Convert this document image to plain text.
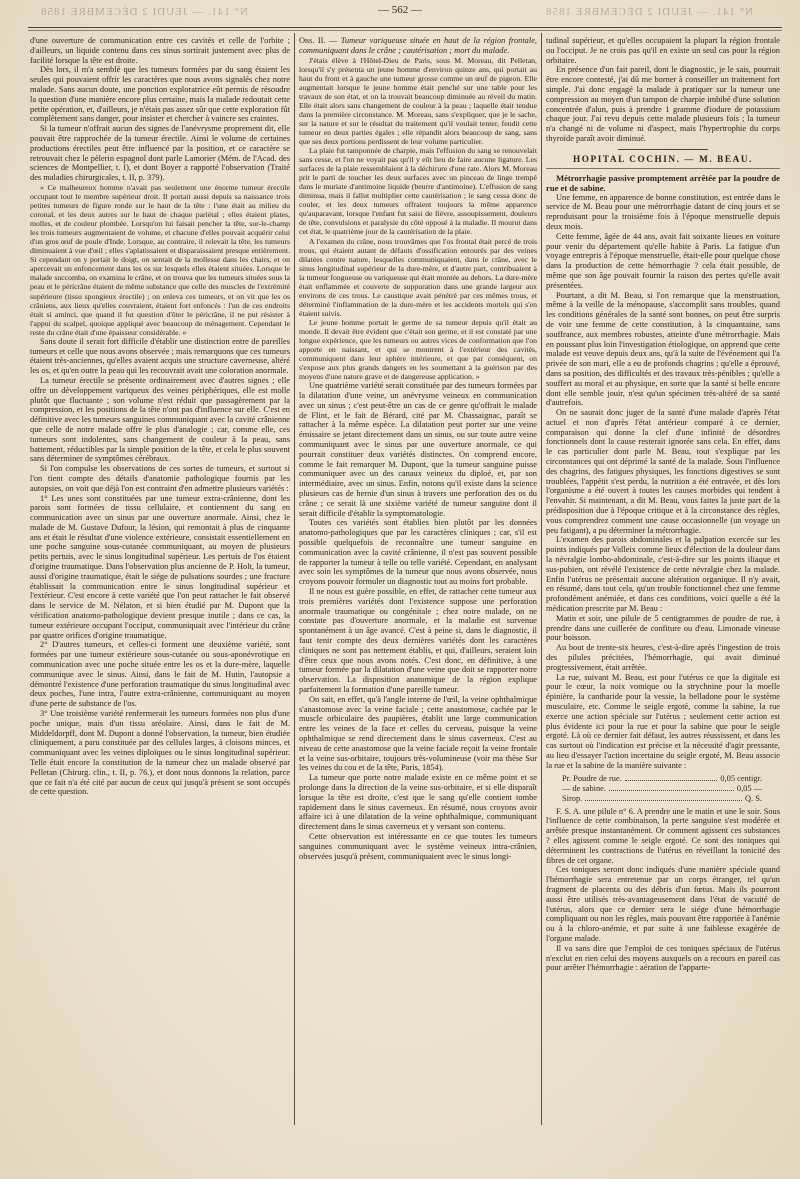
N° 141. — JEUDI 2 DÉCEMBRE 1858	N° 141. — JEUDI 2 DÉCEMBRE 1858
— 562 —

d'une ouverture de communication entre ces cavités et celle de l'orbite ; d'ailleurs, un liquide contenu dans ces sinus sortirait justement avec plus de facilité lorsque la tête est droite.

Dès lors, il m'a semblé que les tumeurs formées par du sang étaient les seules qui pouvaient offrir les caractères que nous avons signalés chez notre malade. Sans aucun doute, une ponction exploratrice eût permis de résoudre la question d'une manière encore plus certaine, mais la malade redoutait cette petite opération, et, d'ailleurs, je n'étais pas assez sûr que cette exploration fût complètement sans danger, pour insister et chercher à vaincre ses craintes.

Si la tumeur n'offrait aucun des signes de l'anévrysme proprement dit, elle pouvait être rapprochée de la tumeur érectile. Ainsi le volume de certaines productions érectiles peut être influencé par la position, et ce caractère se retrouvait chez le pèlerin espagnol dont parle Lamorier (Mém. de l'Acad. des sciences de Montpellier, t. I), et dont Boyer a rapporté l'observation (Traité des maladies chirurgicales, t. II, p. 379).

« Ce malheureux homme n'avait pas seulement une énorme tumeur érectile occupant tout le membre supérieur droit. Il portait aussi depuis sa naissance trois petites tumeurs de figure ronde sur le haut de la tête : l'une était au milieu du coronal, et les deux autres sur le haut de chaque pariétal ; elles étaient plates, molles, et de couleur plombée. Lorsqu'on lui faisait pencher la tête, sur-le-champ les trois tumeurs augmentaient de volume, et chacune d'elles pouvait acquérir celui d'un gros œuf de poule d'Inde. Lorsque, au contraire, il relevait la tête, les tumeurs diminuaient à vue d'œil ; elles s'aplatissaient et disparaissaient presque entièrement. Si cependant on y portait le doigt, on sentait de la mollesse dans les chairs, et on apercevait un enfoncement dans les os sur lesquels elles étaient situées. Lorsque le malade succomba, on examina le crâne, et on trouva que les tumeurs situées sous la peau et le péricrâne étaient de même substance que celle des muscles de l'extrémité supérieure (tissu spongieux érectile) ; on enleva ces tumeurs, et on vit que les os crâniens, aux lieux qu'elles couvraient, étaient fort enfoncés : l'un de ces endroits était si aminci, que quand il fut question d'ôter le péricrâne, il ne put résister à l'appui du scalpel, quoique appliqué avec beaucoup de ménagement. Cependant le reste du crâne était d'une épaisseur considérable. »

Sans doute il serait fort difficile d'établir une distinction entre de pareilles tumeurs et celle que nous avons observée ; mais remarquons que ces tumeurs étaient très-anciennes, qu'elles avaient acquis une structure caverneuse, altéré les os, et qu'en outre la peau qui les recouvrait avait une coloration anormale.

La tumeur érectile se présente ordinairement avec d'autres signes ; elle offre un développement variqueux des veines périphériques, elle est molle plutôt que fluctuante ; son volume n'est réduit que passagèrement par la compression, et les positions de la tête n'ont pas d'influence sur elle. C'est en définitive avec les tumeurs sanguines communiquant avec la cavité crânienne que celle de notre malade offre le plus d'analogie ; car, comme elle, ces tumeurs sont indolentes, sans changement de couleur à la peau, sans battement, réductibles par la simple position de la tête, et cela le plus souvent sans déterminer de symptômes cérébraux.

Si l'on compulse les observations de ces sortes de tumeurs, et surtout si l'on tient compte des détails d'anatomie pathologique fournis par les autopsies, on voit que déjà l'on est contraint d'en admettre plusieurs variétés :

1° Les unes sont constituées par une tumeur extra-crânienne, dont les parois sont formées de tissu cellulaire, et contiennent du sang en communication avec un sinus par une ouverture anormale. Ainsi, chez le malade de M. Gustave Dufour, la lésion, qui remontait à plus de cinquante ans et était le résultat d'une violence extérieure, consistait essentiellement en une poche sanguine sous-cutanée communiquant, au moyen de plusieurs petits pertuis, avec le sinus longitudinal supérieur. Les pertuis de l'os étaient d'origine traumatique. Dans l'observation plus ancienne de P. Holt, la tumeur, aussi d'origine traumatique, était le siége de pulsations sourdes ; une fracture établissait la communication entre le sinus longitudinal supérieur et l'extérieur. C'est encore à cette variété que l'on peut rattacher le fait observé dans le service de M. Nélaton, et si bien étudié par M. Dupont que la vérification anatomo-pathologique devient presque inutile ; dans ce cas, la tumeur extérieure occupant l'occiput, communiquait avec l'intérieur du crâne par quatre orifices d'origine traumatique.

2° D'autres tumeurs, et celles-ci forment une deuxième variété, sont formées par une tumeur extérieure sous-cutanée ou sous-aponévrotique en communication avec une poche située entre les os et la dure-mère, laquelle communique avec le sinus. Ainsi, dans le fait de M. Hutin, l'autopsie a démontré l'existence d'une perforation traumatique du sinus longitudinal avec deux poches, l'une intra, l'autre extra-crânienne, communiquant au moyen d'une perte de substance de l'os.

3° Une troisième variété renfermerait les tumeurs formées non plus d'une poche unique, mais d'un tissu aréolaire. Ainsi, dans le fait de M. Middeldorpff, dont M. Dupont a donné l'observation, la tumeur, bien étudiée cliniquement, a paru constituée par des cellules larges, à cloisons minces, et communiquant avec les veines diploïques ou le sinus longitudinal supérieur. Telle était encore la constitution de la tumeur chez un malade observé par Pelletan (Chirurg. clin., t. II, p. 76.), et dont nous donnons la relation, parce que ce fait n'a été cité par aucun de ceux qui jusqu'à présent se sont occupés de cette question.

Obs. II. — Tumeur variqueuse située en haut de la région frontale, communiquant dans le crâne ; cautérisation ; mort du malade.

J'étais élève à l'Hôtel-Dieu de Paris, sous M. Moreau, dit Pelletan, lorsqu'il s'y présenta un jeune homme d'environ quinze ans, qui portait au haut du front et à gauche une tumeur grosse comme un œuf de pigeon. Elle augmentait lorsque le jeune homme était penché sur une table pour les travaux de son état, et on la trouvait beaucoup diminuée au réveil du matin. Elle était alors sans changement de couleur à la peau ; laquelle était tendue dans la première circonstance. M. Moreau, sans s'expliquer, que je le sache, sur la nature et sur le résultat du traitement qu'il voulait tenter, fendit cette tumeur en deux parties égales ; elle répandit alors beaucoup de sang, sans que ses deux portions perdissent de leur volume particulier.

La plaie fut tamponnée de charpie, mais l'effusion du sang se renouvelait sans cesse, et l'on ne voyait pas qu'il y eût lieu de faire aucune ligature. Les surfaces de la plaie ressemblaient à la déchirure d'une rate. Alors M. Moreau prit le parti de toucher les deux surfaces avec un pinceau de linge trempé dans le muriate d'antimoine liquide (beurre d'antimoine). L'effusion de sang diminua, mais il fallut multiplier cette cautérisation ; le sang cessa donc de couler, et les deux tumeurs offraient toujours la même apparence qu'auparavant, lorsque l'enfant fut saisi de fièvre, assoupissement, douleurs de tête, convulsions et paralysie du côté opposé à la maladie. Il mourut dans cet état, le quatrième jour de la cautérisation de la plaie.

A l'examen du crâne, nous trouvâmes que l'os frontal était percé de trois trous, qui étaient autant de défauts d'ossification entourés par des veines dilatées contre nature, lesquelles communiquaient, dans le crâne, avec le sinus longitudinal supérieur de la dure-mère, et d'autre part, contribuaient à la tumeur fongueuse ou variqueuse qui était montée au dehors. La dure-mère était enflammée et couverte de suppuration dans une grande largeur aux environs de ces trous. Le caustique avait pénétré par ces mêmes trous, et déterminé l'inflammation de la dure-mère et les accidents mortels qui s'en étaient suivis.

Le jeune homme portait le germe de sa tumeur depuis qu'il était au monde. Il devait être évident que c'était son germe, et il est constaté par une longue expérience, que les tumeurs ou autres vices de conformation que l'on apporte en naissant, et qui se montrent à l'extérieur des cavités, communiquent dans leur sphère intérieure, et que par conséquent, on s'expose aux plus grands dangers en les soumettant à la guérison par des moyens d'une nature grave et de dangereuse application. »

Une quatrième variété serait constituée par des tumeurs formées par la dilatation d'une veine, un anévrysme veineux en communication avec un sinus ; c'est peut-être un cas de ce genre qu'offrait le malade de Flint, et le fait de Bérard, cité par M. Chassaignac, paraît se rattacher à la même espèce. La dilatation peut porter sur une veine émissaire se jetant directement dans un sinus, ou sur toute autre veine communiquant avec le sinus par une ouverture anormale, ce qui pourrait constituer deux variétés distinctes. On comprend encore, comme le fait remarquer M. Dupont, que la tumeur sanguine puisse communiquer avec un des canaux veineux du diploé, et, par son intermédiaire, avec un sinus. Enfin, notons qu'il existe dans la science plusieurs cas de hernie d'un sinus à travers une perforation des os du crâne ; ce serait là une sixième variété de tumeur sanguine dont il serait difficile d'établir la symptomatologie.

Toutes ces variétés sont établies bien plutôt par les données anatomo-pathologiques que par les caractères cliniques ; car, s'il est possible quelquefois de reconnaître une tumeur sanguine en communication avec la cavité crânienne, il n'est pas souvent possible de rapporter la tumeur à telle ou telle variété. Cependant, en analysant avec soin les symptômes de la tumeur que nous avons observée, nous croyons pouvoir formuler un diagnostic tout au moins fort probable.

Il ne nous est guère possible, en effet, de rattacher cette tumeur aux trois premières variétés dont l'existence suppose une perforation anormale traumatique ou congénitale ; chez notre malade, on ne constate pas d'ouverture anormale, et la maladie est survenue spontanément à un âge avancé. C'est à peine si, dans le diagnostic, il faut tenir compte des deux dernières variétés dont les caractères cliniques ne sont pas nettement établis, et qui, d'ailleurs, seraient loin d'être ceux que nous avons notés. C'est donc, en définitive, à une tumeur formée par la dilatation d'une veine que doit se rapporter notre observation. La disposition anatomique de la région explique parfaitement la formation d'une pareille tumeur.

On sait, en effet, qu'à l'angle interne de l'œil, la veine ophthalmique s'anastomose avec la veine faciale ; cette anastomose, cachée par le muscle orbiculaire des paupières, établit une large communication entre les veines de la face et celles du cerveau, puisque la veine ophthalmique se rend directement dans le sinus caverneux. C'est au niveau de cette anastomose que la veine faciale reçoit la veine frontale et la veine sus-orbitaire, toujours très-volumineuse (voir ma thèse Sur les veines du cou et de la tête, Paris, 1854).

La tumeur que porte notre malade existe en ce même point et se prolonge dans la direction de la veine sus-orbitaire, et si elle disparaît lorsque la tête est droite, c'est que le sang qu'elle contient tombe rapidement dans le sinus caverneux. En résumé, nous croyons avoir affaire ici à une dilatation de la veine ophthalmique, communiquant directement dans le sinus caverneux et y versant son contenu.

Cette observation est intéressante en ce que toutes les tumeurs sanguines communiquant avec le système veineux intra-crânien, observées jusqu'à présent, communiquaient avec le sinus longi-

tudinal supérieur, et qu'elles occupaient la plupart la région frontale ou l'occiput. Je ne crois pas qu'il en existe un seul cas pour la région orbitaire.

En présence d'un fait pareil, dont le diagnostic, je le sais, pourrait être encore contesté, j'ai dû me borner à conseiller un traitement fort simple. J'ai donc engagé la malade à pratiquer sur la tumeur une compression au moyen d'un tampon de charpie imbibé d'une solution concentrée d'alun, puis à prendre 1 gramme d'iodure de potassium chaque jour. J'ai revu depuis cette malade plusieurs fois ; la tumeur n'a changé ni de volume ni d'aspect, mais l'hypertrophie du corps thyroïde paraît avoir diminué.

HOPITAL COCHIN. — M. BEAU.

Métrorrhagie passive promptement arrêtée par la poudre de rue et de sabine.

Une femme, en apparence de bonne constitution, est entrée dans le service de M. Beau pour une métrorrhagie datant de cinq jours et se reproduisant pour la troisième fois à l'époque menstruelle depuis deux mois.

Cette femme, âgée de 44 ans, avait fait soixante lieues en voiture pour venir du département qu'elle habite à Paris. La fatigue d'un voyage entrepris à l'époque menstruelle, était-elle pour quelque chose dans la production de cette hémorrhagie ? cela était possible, de même que son âge pouvait fournir la raison des pertes qu'elle avait présentées.

Pourtant, a dit M. Beau, si l'on remarque que la menstruation, même à la veille de la ménopause, s'accomplit sans troubles, quand les conditions générales de la santé sont bonnes, on peut être surpris de voir une femme de cette constitution, à la cinquantaine, sans souffrance, aux membres robustes, atteinte d'une métrorrhagie. Mais en poussant plus loin l'investigation étiologique, on apprend que cette malade est veuve depuis deux ans, qu'à la suite de l'événement qui l'a privée de son mari, elle a eu de profonds chagrins ; qu'elle a éprouvé, dans sa position, des difficultés et des travaux très-pénibles ; qu'elle a souffert au moral et au physique, en sorte que la santé si belle encore dont elle semble jouir, n'est qu'un spécimen très-altéré de sa santé d'autrefois.

On ne saurait donc juger de la santé d'une malade d'après l'état actuel et non d'après l'état antérieur comparé à ce dernier, comparaison qui donne la clef d'une infinité de désordres fonctionnels dont la cause resterait ignorée sans cela. En effet, dans le cas particulier dont parle M. Beau, tout s'explique par les circonstances qui ont déprimé la santé de la malade. Sous l'influence des chagrins, des fatigues physiques, les fonctions digestives se sont troublées, l'appétit s'est perdu, la nutrition a été entravée, et dès lors l'organisme a été ouvert à toutes les causes morbides qui tendent à l'envahir. Si maintenant, a dit M. Beau, vous faites la juste part de la prédisposition due à l'époque critique et à la circonstance des règles, vous comprendrez comment une cause occasionnelle (un voyage un peu fatigant), a pu déterminer la métrorrhagie.

L'examen des parois abdominales et la palpation exercée sur les points indiqués par Valleix comme lieux d'élection de la douleur dans la névralgie lombo-abdominale, c'est-à-dire sur les points iliaque et sus-pubien, ont révélé l'existence de cette névralgie chez la malade. Enfin l'utérus ne présentait aucune altération organique. Il n'y avait, en résumé, dans tout cela, qu'un trouble fonctionnel chez une femme profondément anémiée, et dans ces conditions, voici quelle a été la médication prescrite par M. Beau :

Matin et soir, une pilule de 5 centigrammes de poudre de rue, à prendre dans une cuillerée de confiture ou d'eau. Limonade vineuse pour boisson.

Au bout de trente-six heures, c'est-à-dire après l'ingestion de trois des pilules précitées, l'hémorrhagie, qui avait diminué progressivement, était arrêtée.

La rue, suivant M. Beau, est pour l'utérus ce que la digitale est pour le cœur, la noix vomique ou la strychnine pour la moelle épinière, la cantharide pour la vessie, la belladone pour le système musculaire, etc. Comme le seigle ergoté, comme la sabine, la rue exerce une action spéciale sur l'utérus ; seulement cette action est plus évidente ici pour la rue et pour la sabine que pour le seigle ergoté. Là où ce dernier fait défaut, les autres réussissent, et dans les cas surtout où l'indication est précise et la nécessité d'agir pressante, au lieu d'essayer l'action incertaine du seigle ergoté, M. Beau associe la rue et la sabine de la manière suivante :

Pr. Poudre de rue.	0,05 centigr.
— de sabine.	0,05 —
Sirop.	Q. S.

F. S. A. une pilule n° 6. A prendre une le matin et une le soir. Sous l'influence de cette combinaison, la perte sanguine s'est modérée et arrêtée presque instantanément. Or comment agissent ces substances ? elles agissent comme le seigle ergoté. Ce sont des toniques qui déterminent les contractions de l'utérus en réveillant la tonicité des fibres de cet organe.

Ces toniques seront donc indiqués d'une manière spéciale quand l'hémorrhagie sera entretenue par un corps étranger, tel qu'un fragment de placenta ou des débris d'un fœtus. Mais ils pourront aussi être utilisés très-avantageusement dans l'état de vacuité de l'utérus, alors que ce dernier sera le siége d'une hémorrhagie compliquant ou non les règles, mais pouvant être rapportée à l'anémie ou à la chloro-anémie, et par suite à une faiblesse exagérée de l'organe malade.

Il va sans dire que l'emploi de ces toniques spéciaux de l'utérus n'exclut en rien celui des moyens auxquels on a recours en pareil cas pour arrêter l'hémorrhagie : aération de l'apparte-
